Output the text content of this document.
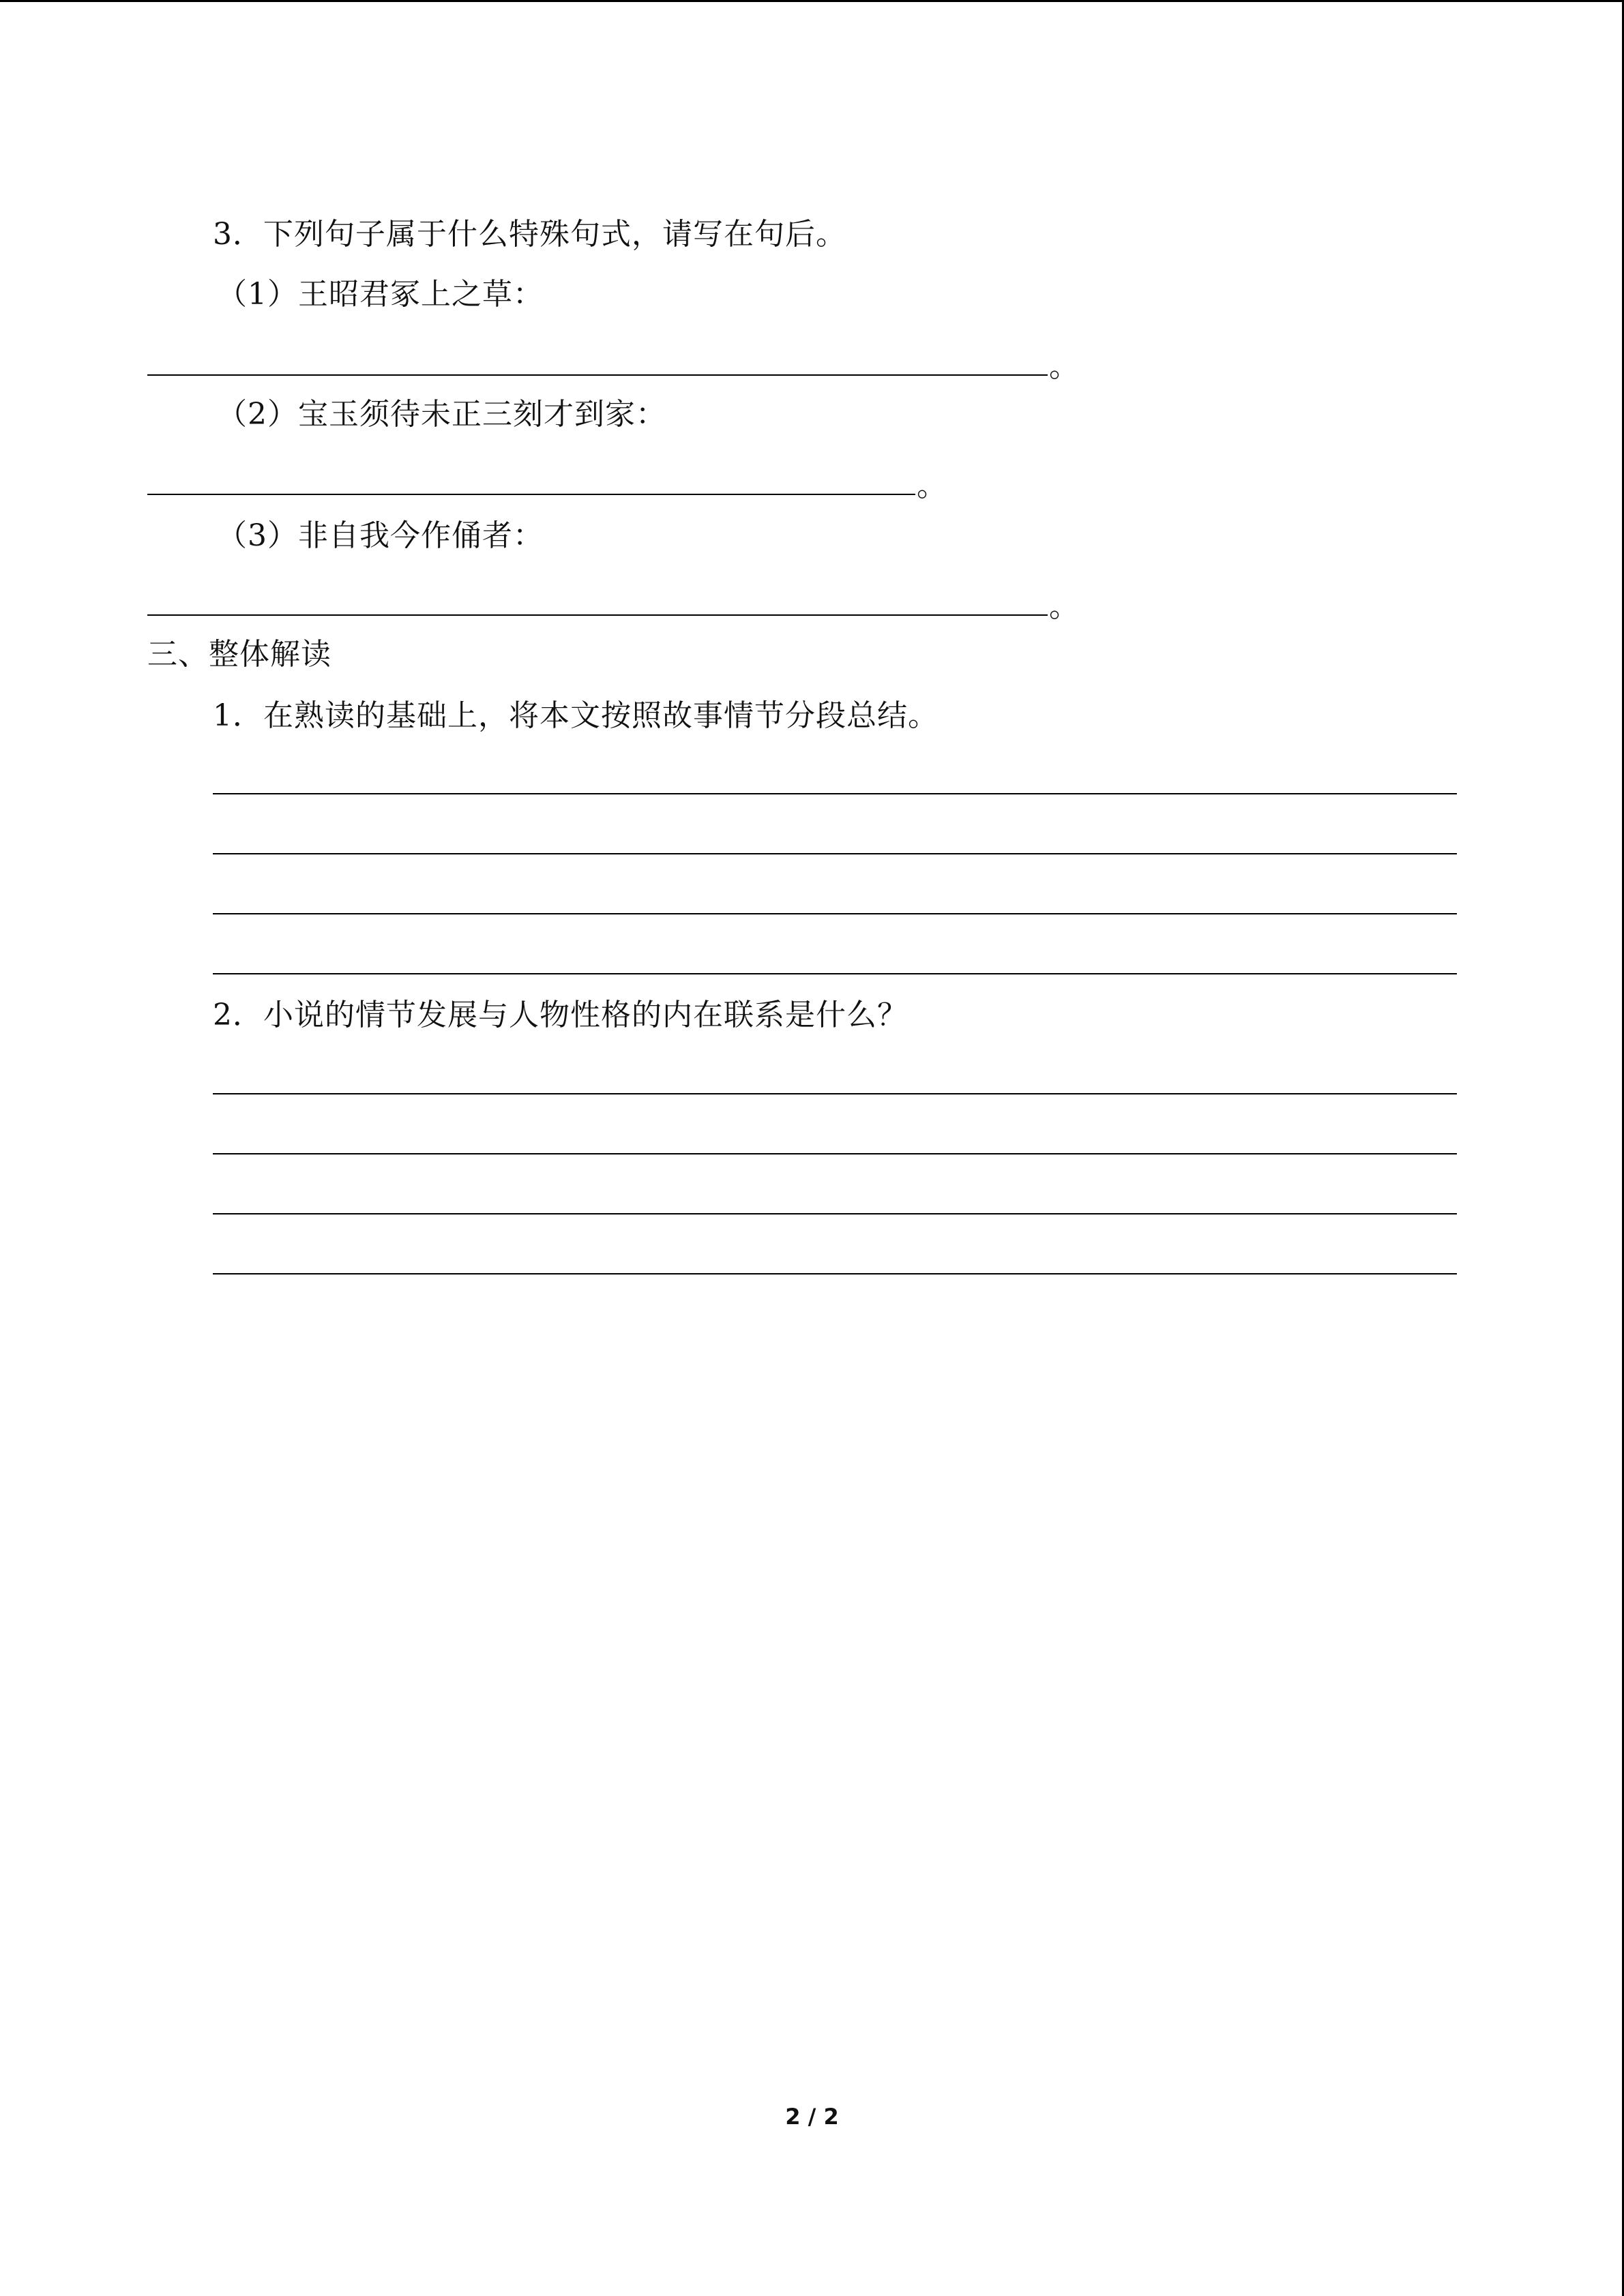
3．下列句子属于什么特殊句式，请写在句后。
（1）王昭君冢上之草：
。
（2）宝玉须待未正三刻才到家：
。
（3）非自我今作俑者：
。
三、整体解读
1．在熟读的基础上，将本文按照故事情节分段总结。
2．小说的情节发展与人物性格的内在联系是什么？
2 / 2
